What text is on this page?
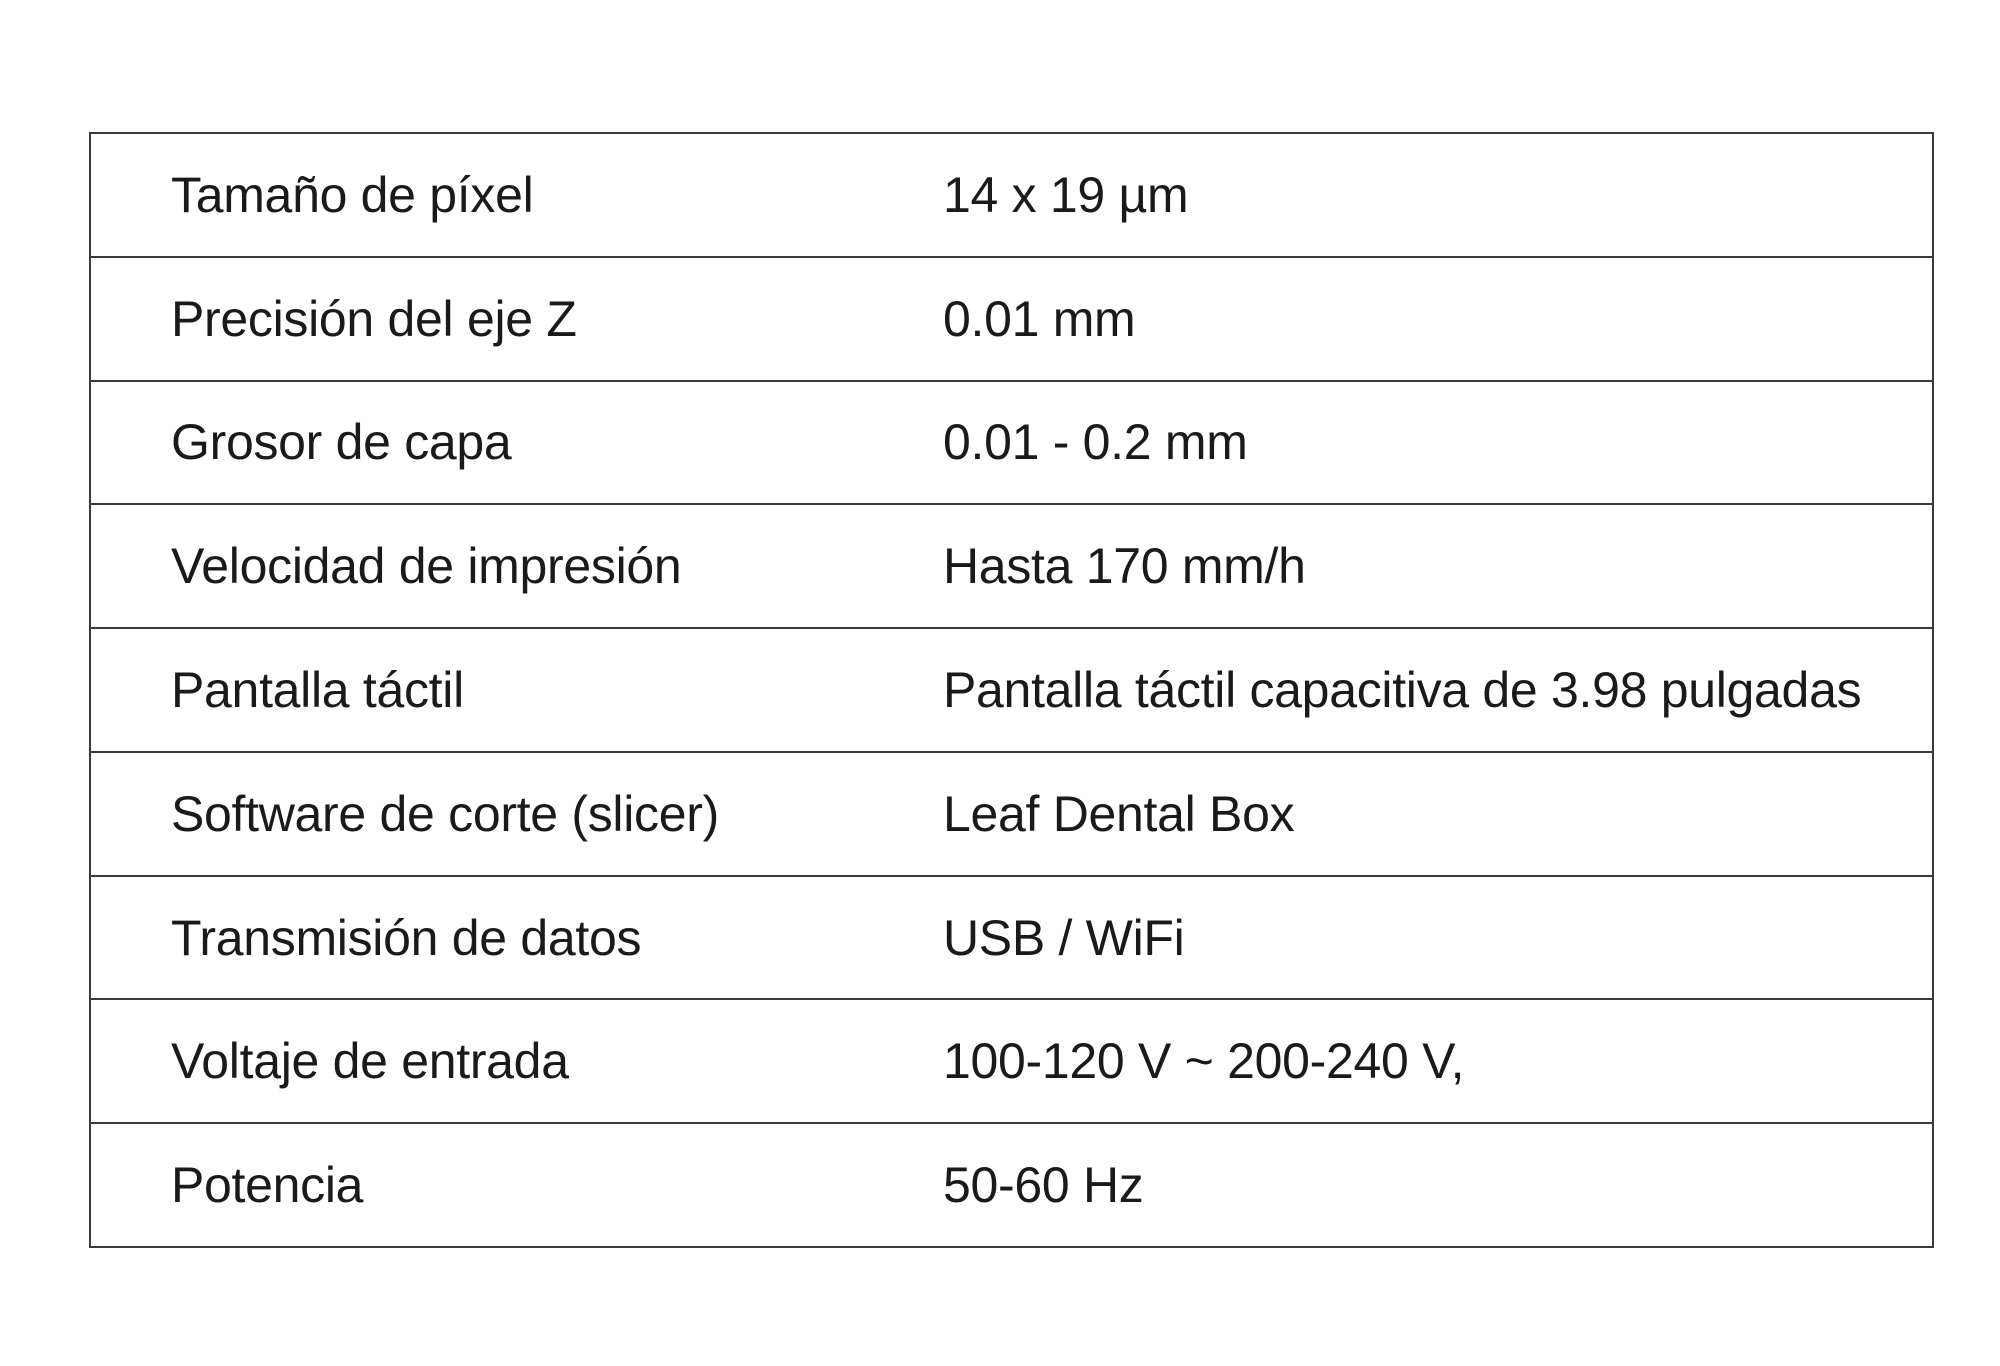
Tamaño de píxel	14 x 19 µm
Precisión del eje Z	0.01 mm
Grosor de capa	0.01 - 0.2 mm
Velocidad de impresión	Hasta 170 mm/h
Pantalla táctil	Pantalla táctil capacitiva de 3.98 pulgadas
Software de corte (slicer)	Leaf Dental Box
Transmisión de datos	USB / WiFi
Voltaje de entrada	100-120 V ~ 200-240 V,
Potencia	50-60 Hz
